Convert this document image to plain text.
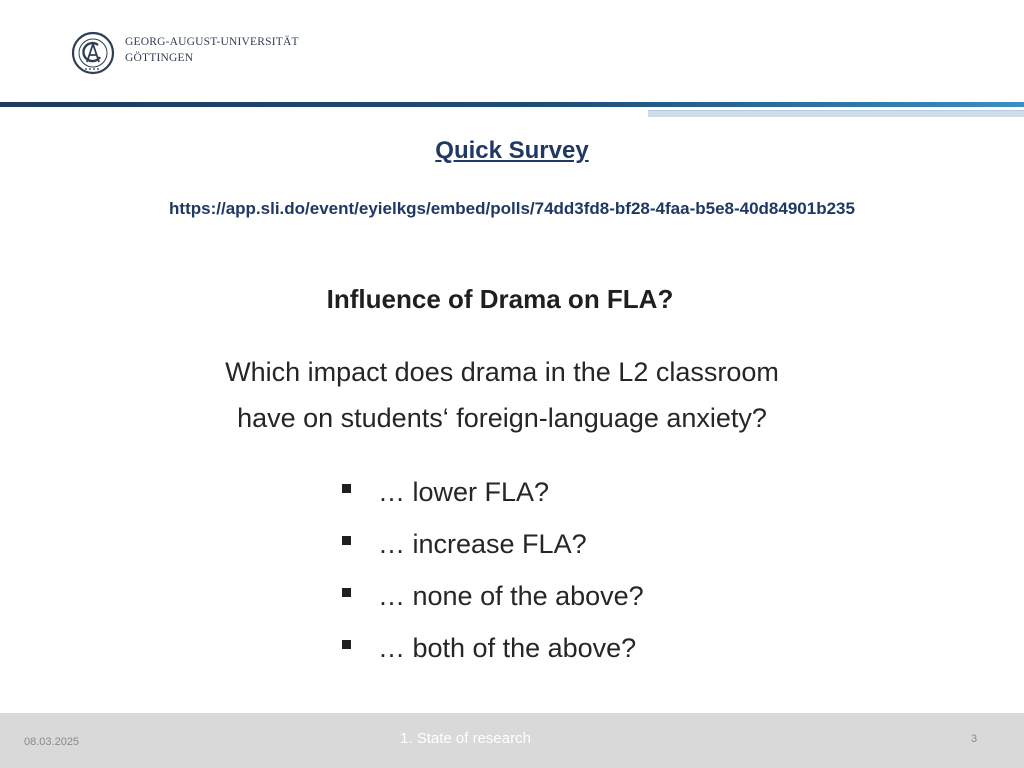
GEORG-AUGUST-UNIVERSITÄT
GÖTTINGEN
Quick Survey
https://app.sli.do/event/eyielkgs/embed/polls/74dd3fd8-bf28-4faa-b5e8-40d84901b235
Influence of Drama on FLA?
Which impact does drama in the L2 classroom
have on students‘ foreign-language anxiety?
… lower FLA?
… increase FLA?
… none of the above?
… both of the above?
08.03.2025	1. State of research	3
